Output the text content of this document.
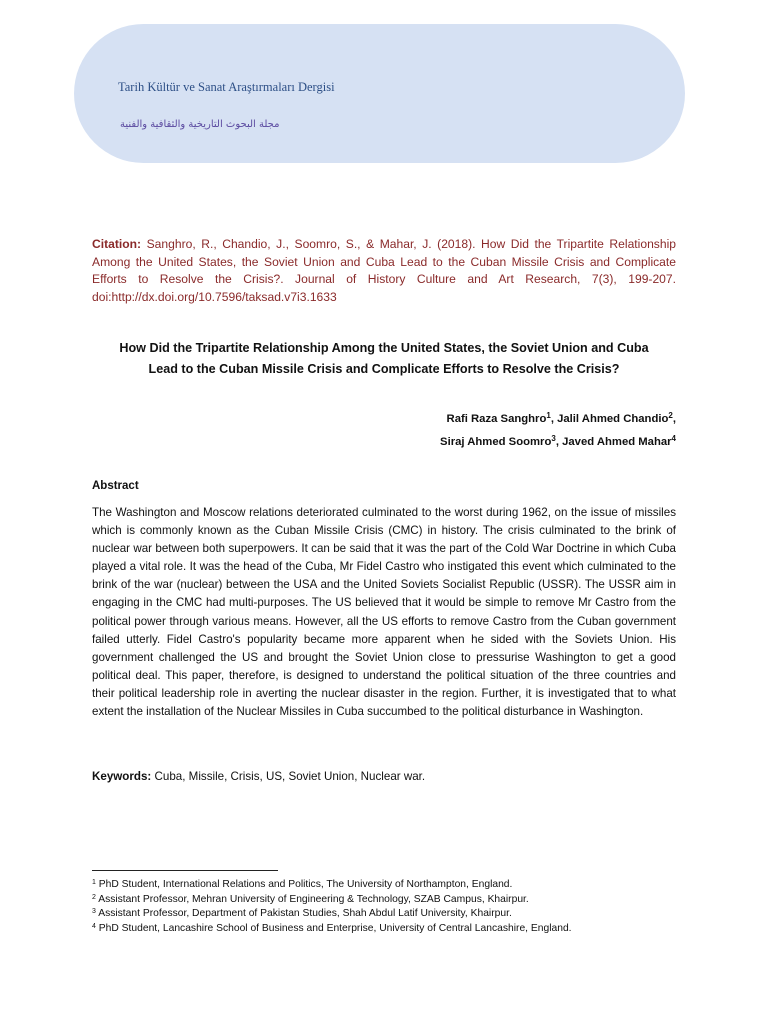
Tarih Kültür ve Sanat Araştırmaları Dergisi
مجلة البحوث التاريخية والثقافية والفنية
Citation: Sanghro, R., Chandio, J., Soomro, S., & Mahar, J. (2018). How Did the Tripartite Relationship Among the United States, the Soviet Union and Cuba Lead to the Cuban Missile Crisis and Complicate Efforts to Resolve the Crisis?. Journal of History Culture and Art Research, 7(3), 199-207. doi:http://dx.doi.org/10.7596/taksad.v7i3.1633
How Did the Tripartite Relationship Among the United States, the Soviet Union and Cuba
Lead to the Cuban Missile Crisis and Complicate Efforts to Resolve the Crisis?
Rafi Raza Sanghro$^1$, Jalil Ahmed Chandio$^2$,
Siraj Ahmed Soomro$^3$, Javed Ahmed Mahar$^4$
Abstract
The Washington and Moscow relations deteriorated culminated to the worst during 1962, on the issue of missiles which is commonly known as the Cuban Missile Crisis (CMC) in history. The crisis culminated to the brink of nuclear war between both superpowers. It can be said that it was the part of the Cold War Doctrine in which Cuba played a vital role. It was the head of the Cuba, Mr Fidel Castro who instigated this event which culminated to the brink of the war (nuclear) between the USA and the United Soviets Socialist Republic (USSR). The USSR aim in engaging in the CMC had multi-purposes. The US believed that it would be simple to remove Mr Castro from the political power through various means. However, all the US efforts to remove Castro from the Cuban government failed utterly. Fidel Castro's popularity became more apparent when he sided with the Soviets Union. His government challenged the US and brought the Soviet Union close to pressurise Washington to get a good political deal. This paper, therefore, is designed to understand the political situation of the three countries and their political leadership role in averting the nuclear disaster in the region. Further, it is investigated that to what extent the installation of the Nuclear Missiles in Cuba succumbed to the political disturbance in Washington.
Keywords: Cuba, Missile, Crisis, US, Soviet Union, Nuclear war.
$^1$ PhD Student, International Relations and Politics, The University of Northampton, England.
$^2$ Assistant Professor, Mehran University of Engineering & Technology, SZAB Campus, Khairpur.
$^3$ Assistant Professor, Department of Pakistan Studies, Shah Abdul Latif University, Khairpur.
$^4$ PhD Student, Lancashire School of Business and Enterprise, University of Central Lancashire, England.
